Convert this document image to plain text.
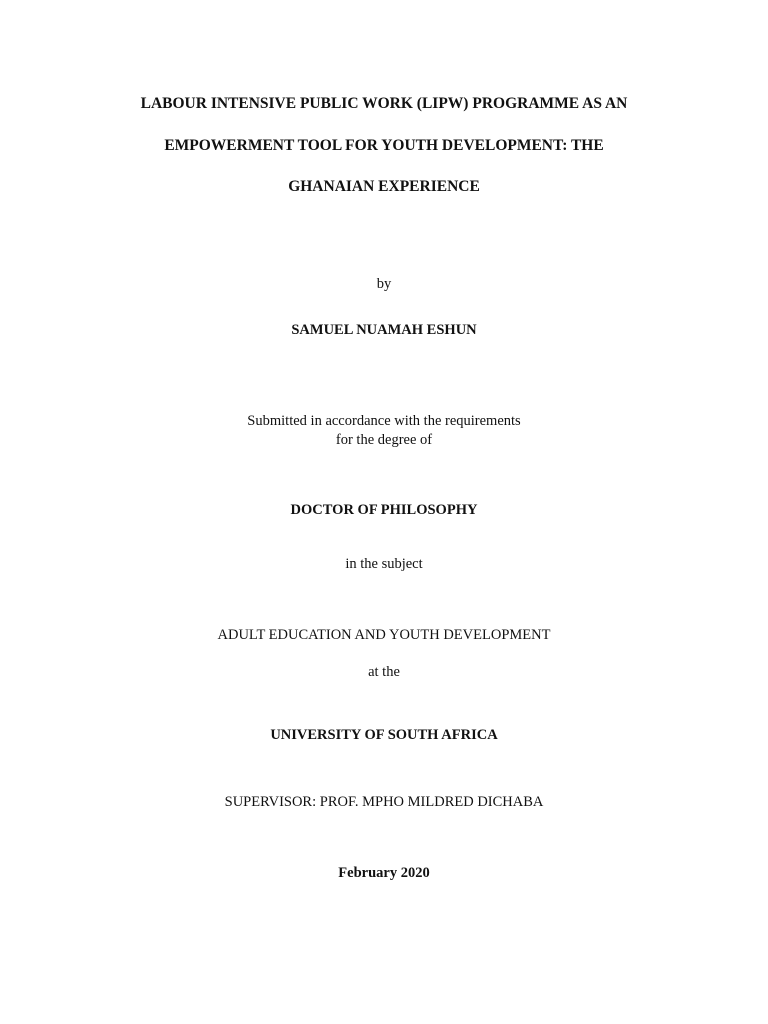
LABOUR INTENSIVE PUBLIC WORK (LIPW) PROGRAMME AS AN
EMPOWERMENT TOOL FOR YOUTH DEVELOPMENT: THE
GHANAIAN EXPERIENCE
by
SAMUEL NUAMAH ESHUN
Submitted in accordance with the requirements
for the degree of
DOCTOR OF PHILOSOPHY
in the subject
ADULT EDUCATION AND YOUTH DEVELOPMENT
at the
UNIVERSITY OF SOUTH AFRICA
SUPERVISOR: PROF. MPHO MILDRED DICHABA
February 2020
